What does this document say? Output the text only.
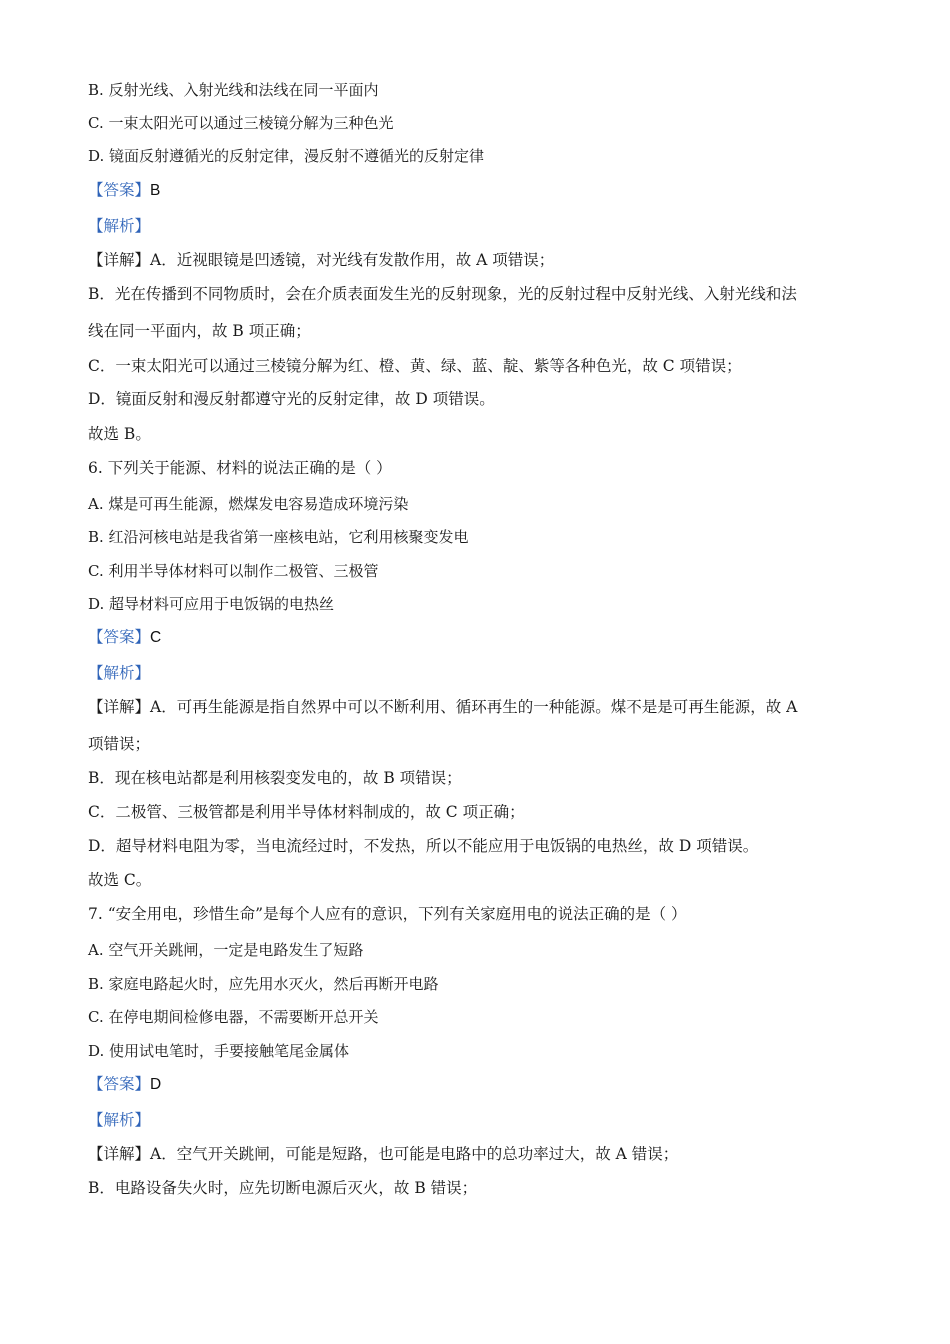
B. 反射光线、入射光线和法线在同一平面内
C. 一束太阳光可以通过三棱镜分解为三种色光
D. 镜面反射遵循光的反射定律，漫反射不遵循光的反射定律
【答案】B
【解析】
【详解】A．近视眼镜是凹透镜，对光线有发散作用，故 A 项错误；
B．光在传播到不同物质时，会在介质表面发生光的反射现象，光的反射过程中反射光线、入射光线和法
线在同一平面内，故 B 项正确；
C．一束太阳光可以通过三棱镜分解为红、橙、黄、绿、蓝、靛、紫等各种色光，故 C 项错误；
D．镜面反射和漫反射都遵守光的反射定律，故 D 项错误。
故选 B。
6. 下列关于能源、材料的说法正确的是（ ）
A. 煤是可再生能源，燃煤发电容易造成环境污染
B. 红沿河核电站是我省第一座核电站，它利用核聚变发电
C. 利用半导体材料可以制作二极管、三极管
D. 超导材料可应用于电饭锅的电热丝
【答案】C
【解析】
【详解】A．可再生能源是指自然界中可以不断利用、循环再生的一种能源。煤不是是可再生能源，故 A
项错误；
B．现在核电站都是利用核裂变发电的，故 B 项错误；
C．二极管、三极管都是利用半导体材料制成的，故 C 项正确；
D．超导材料电阻为零，当电流经过时，不发热，所以不能应用于电饭锅的电热丝，故 D 项错误。
故选 C。
7. “安全用电，珍惜生命”是每个人应有的意识，下列有关家庭用电的说法正确的是（ ）
A. 空气开关跳闸，一定是电路发生了短路
B. 家庭电路起火时，应先用水灭火，然后再断开电路
C. 在停电期间检修电器，不需要断开总开关
D. 使用试电笔时，手要接触笔尾金属体
【答案】D
【解析】
【详解】A．空气开关跳闸，可能是短路，也可能是电路中的总功率过大，故 A 错误；
B．电路设备失火时，应先切断电源后灭火，故 B 错误；
